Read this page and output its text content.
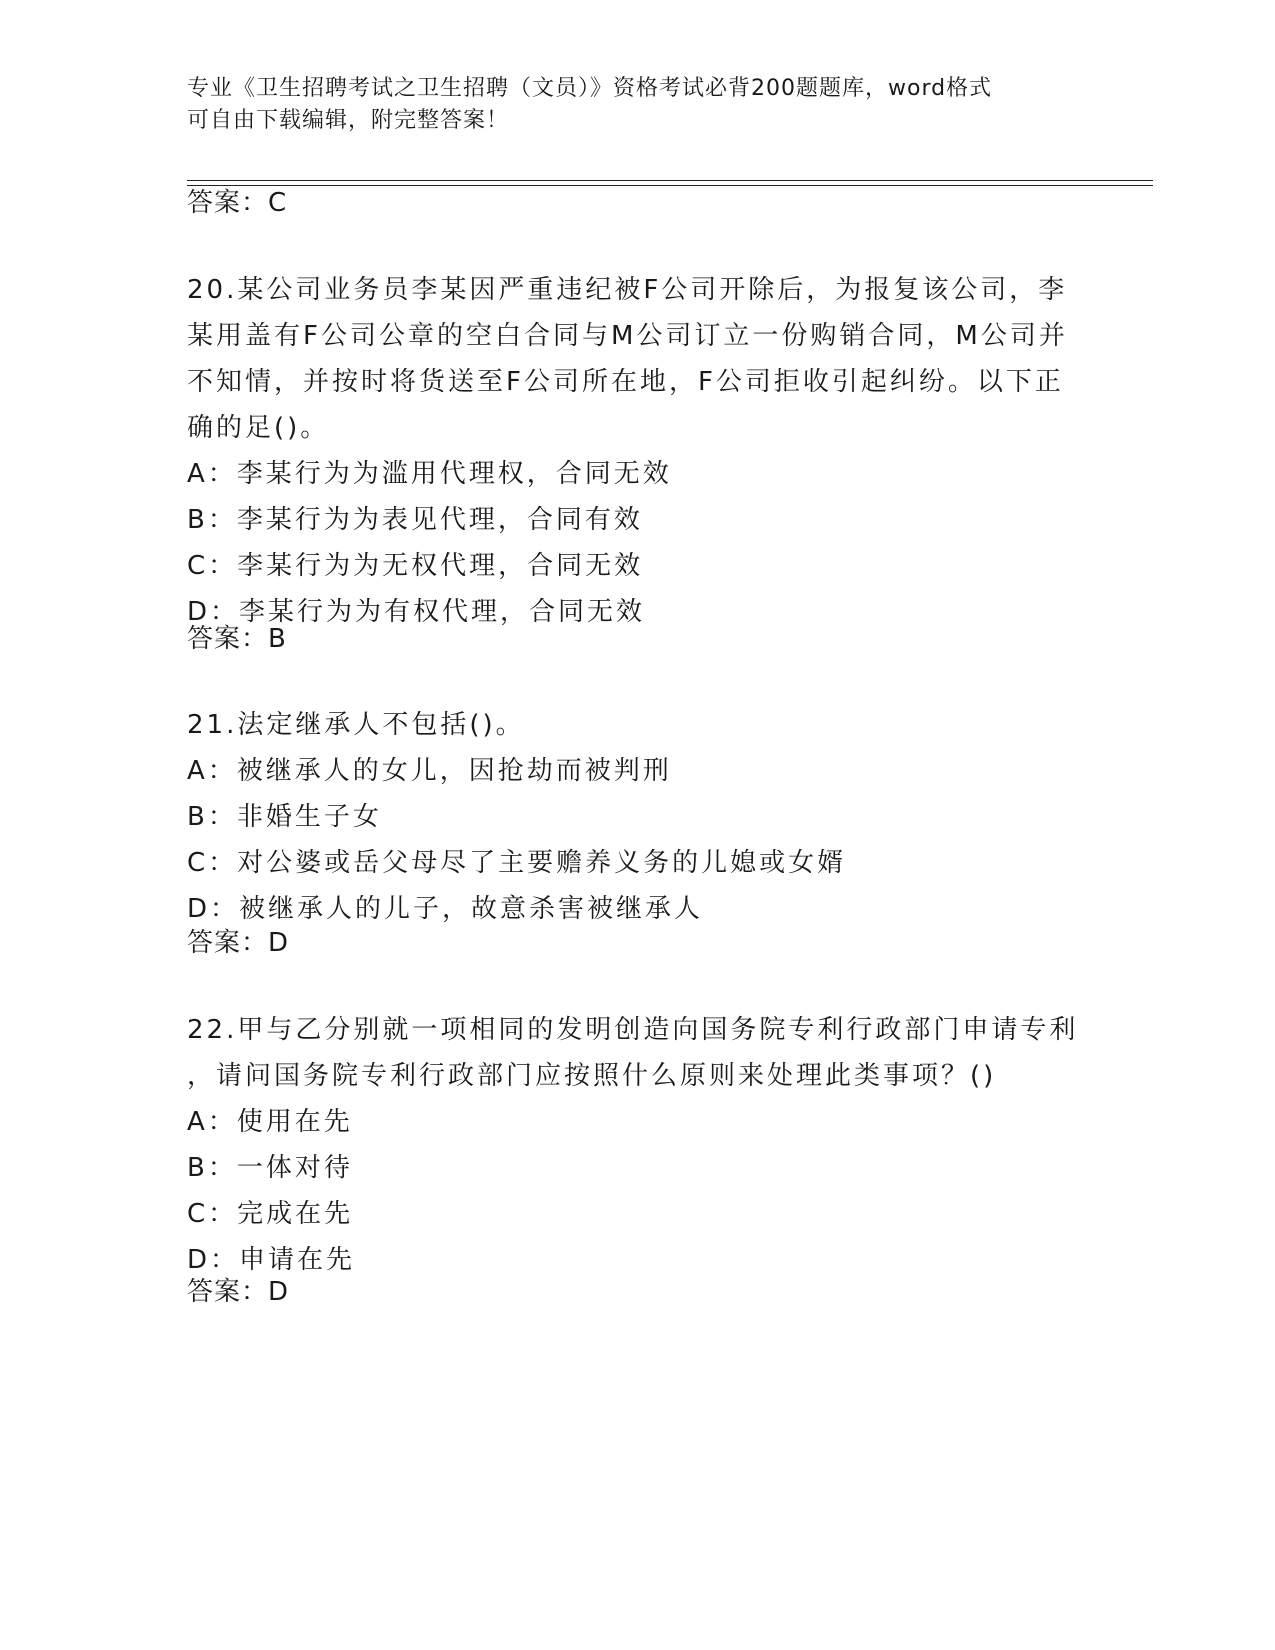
专业《卫生招聘考试之卫生招聘（文员）》资格考试必背200题题库，word格式
可自由下载编辑，附完整答案！
答案：C
20.某公司业务员李某因严重违纪被F公司开除后，为报复该公司，李
某用盖有F公司公章的空白合同与M公司订立一份购销合同，M公司并
不知情，并按时将货送至F公司所在地，F公司拒收引起纠纷。以下正
确的足()。
A：李某行为为滥用代理权，合同无效
B：李某行为为表见代理，合同有效
C：李某行为为无权代理，合同无效
D：李某行为为有权代理，合同无效
答案：B
21.法定继承人不包括()。
A：被继承人的女儿，因抢劫而被判刑
B：非婚生子女
C：对公婆或岳父母尽了主要赡养义务的儿媳或女婿
D：被继承人的儿子，故意杀害被继承人
答案：D
22.甲与乙分别就一项相同的发明创造向国务院专利行政部门申请专利
，请问国务院专利行政部门应按照什么原则来处理此类事项？()
A：使用在先
B：一体对待
C：完成在先
D：申请在先
答案：D
